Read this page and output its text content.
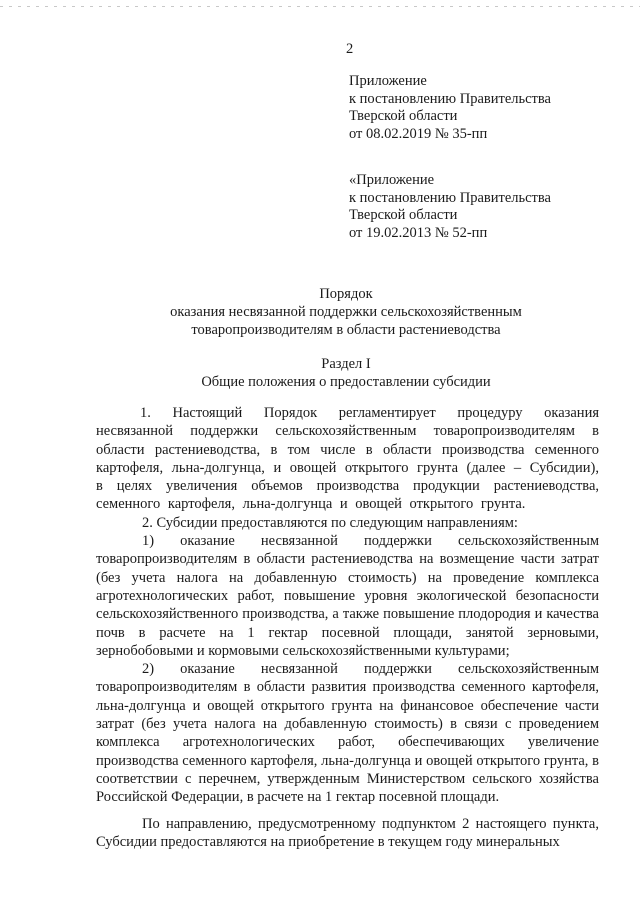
2
Приложение
к постановлению Правительства
Тверской области
от 08.02.2019 № 35-пп
«Приложение
к постановлению Правительства
Тверской области
от 19.02.2013 № 52-пп
Порядок
оказания несвязанной поддержки сельскохозяйственным
товаропроизводителям в области растениеводства
Раздел I
Общие положения о предоставлении субсидии

1. Настоящий Порядок регламентирует процедуру оказания несвязанной поддержки сельскохозяйственным товаропроизводителям в области растениеводства, в том числе в области производства семенного картофеля, льна-долгунца, и овощей открытого грунта (далее – Субсидии), в целях увеличения объемов производства продукции растениеводства, семенного картофеля, льна-долгунца и овощей открытого грунта.

2. Субсидии предоставляются по следующим направлениям:

1) оказание несвязанной поддержки сельскохозяйственным товаропроизводителям в области растениеводства на возмещение части затрат (без учета налога на добавленную стоимость) на проведение комплекса агротехнологических работ, повышение уровня экологической безопасности сельскохозяйственного производства, а также повышение плодородия и качества почв в расчете на 1 гектар посевной площади, занятой зерновыми, зернобобовыми и кормовыми сельскохозяйственными культурами;

2) оказание несвязанной поддержки сельскохозяйственным товаропроизводителям в области развития производства семенного картофеля, льна-долгунца и овощей открытого грунта на финансовое обеспечение части затрат (без учета налога на добавленную стоимость) в связи с проведением комплекса агротехнологических работ, обеспечивающих увеличение производства семенного картофеля, льна-долгунца и овощей открытого грунта, в соответствии с перечнем, утвержденным Министерством сельского хозяйства Российской Федерации, в расчете на 1 гектар посевной площади.

По направлению, предусмотренному подпунктом 2 настоящего пункта, Субсидии предоставляются на приобретение в текущем году минеральных
